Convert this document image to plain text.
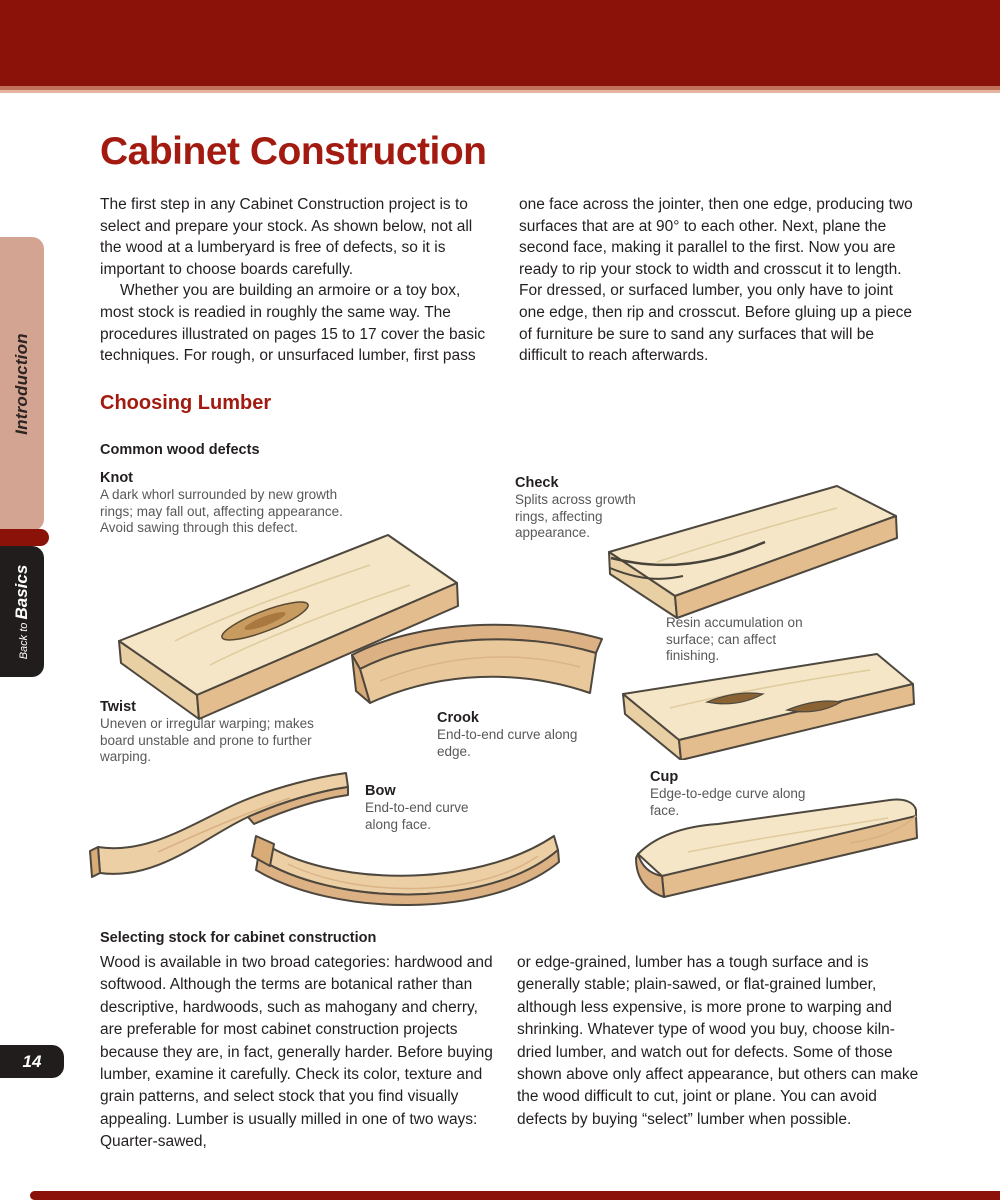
Introduction
Back to Basics
14
Cabinet Construction

The first step in any Cabinet Construction project is to select and prepare your stock. As shown below, not all the wood at a lumberyard is free of defects, so it is important to choose boards carefully.

Whether you are building an armoire or a toy box, most stock is readied in roughly the same way. The procedures illustrated on pages 15 to 17 cover the basic techniques. For rough, or unsurfaced lumber, first pass

one face across the jointer, then one edge, producing two surfaces that are at 90° to each other. Next, plane the second face, making it parallel to the first. Now you are ready to rip your stock to width and crosscut it to length. For dressed, or surfaced lumber, you only have to joint one edge, then rip and crosscut. Before gluing up a piece of furniture be sure to sand any surfaces that will be difficult to reach afterwards.

Choosing Lumber
Common wood defects
Knot
A dark whorl surrounded by new growth rings; may fall out, affecting appearance. Avoid sawing through this defect.
Check
Splits across growth rings, affecting appearance.
Resin accumulation on surface; can affect finishing.
Twist
Uneven or irregular warping; makes board unstable and prone to further warping.
Crook
End-to-end curve along edge.
Bow
End-to-end curve along face.
Cup
Edge-to-edge curve along face.
Selecting stock for cabinet construction

Wood is available in two broad categories: hardwood and softwood. Although the terms are botanical rather than descriptive, hardwoods, such as mahogany and cherry, are preferable for most cabinet construction projects because they are, in fact, generally harder. Before buying lumber, examine it carefully. Check its color, texture and grain patterns, and select stock that you find visually appealing. Lumber is usually milled in one of two ways: Quarter-sawed,

or edge-grained, lumber has a tough surface and is generally stable; plain-sawed, or flat-grained lumber, although less expensive, is more prone to warping and shrinking. Whatever type of wood you buy, choose kiln-dried lumber, and watch out for defects. Some of those shown above only affect appearance, but others can make the wood difficult to cut, joint or plane. You can avoid defects by buying “select” lumber when possible.
